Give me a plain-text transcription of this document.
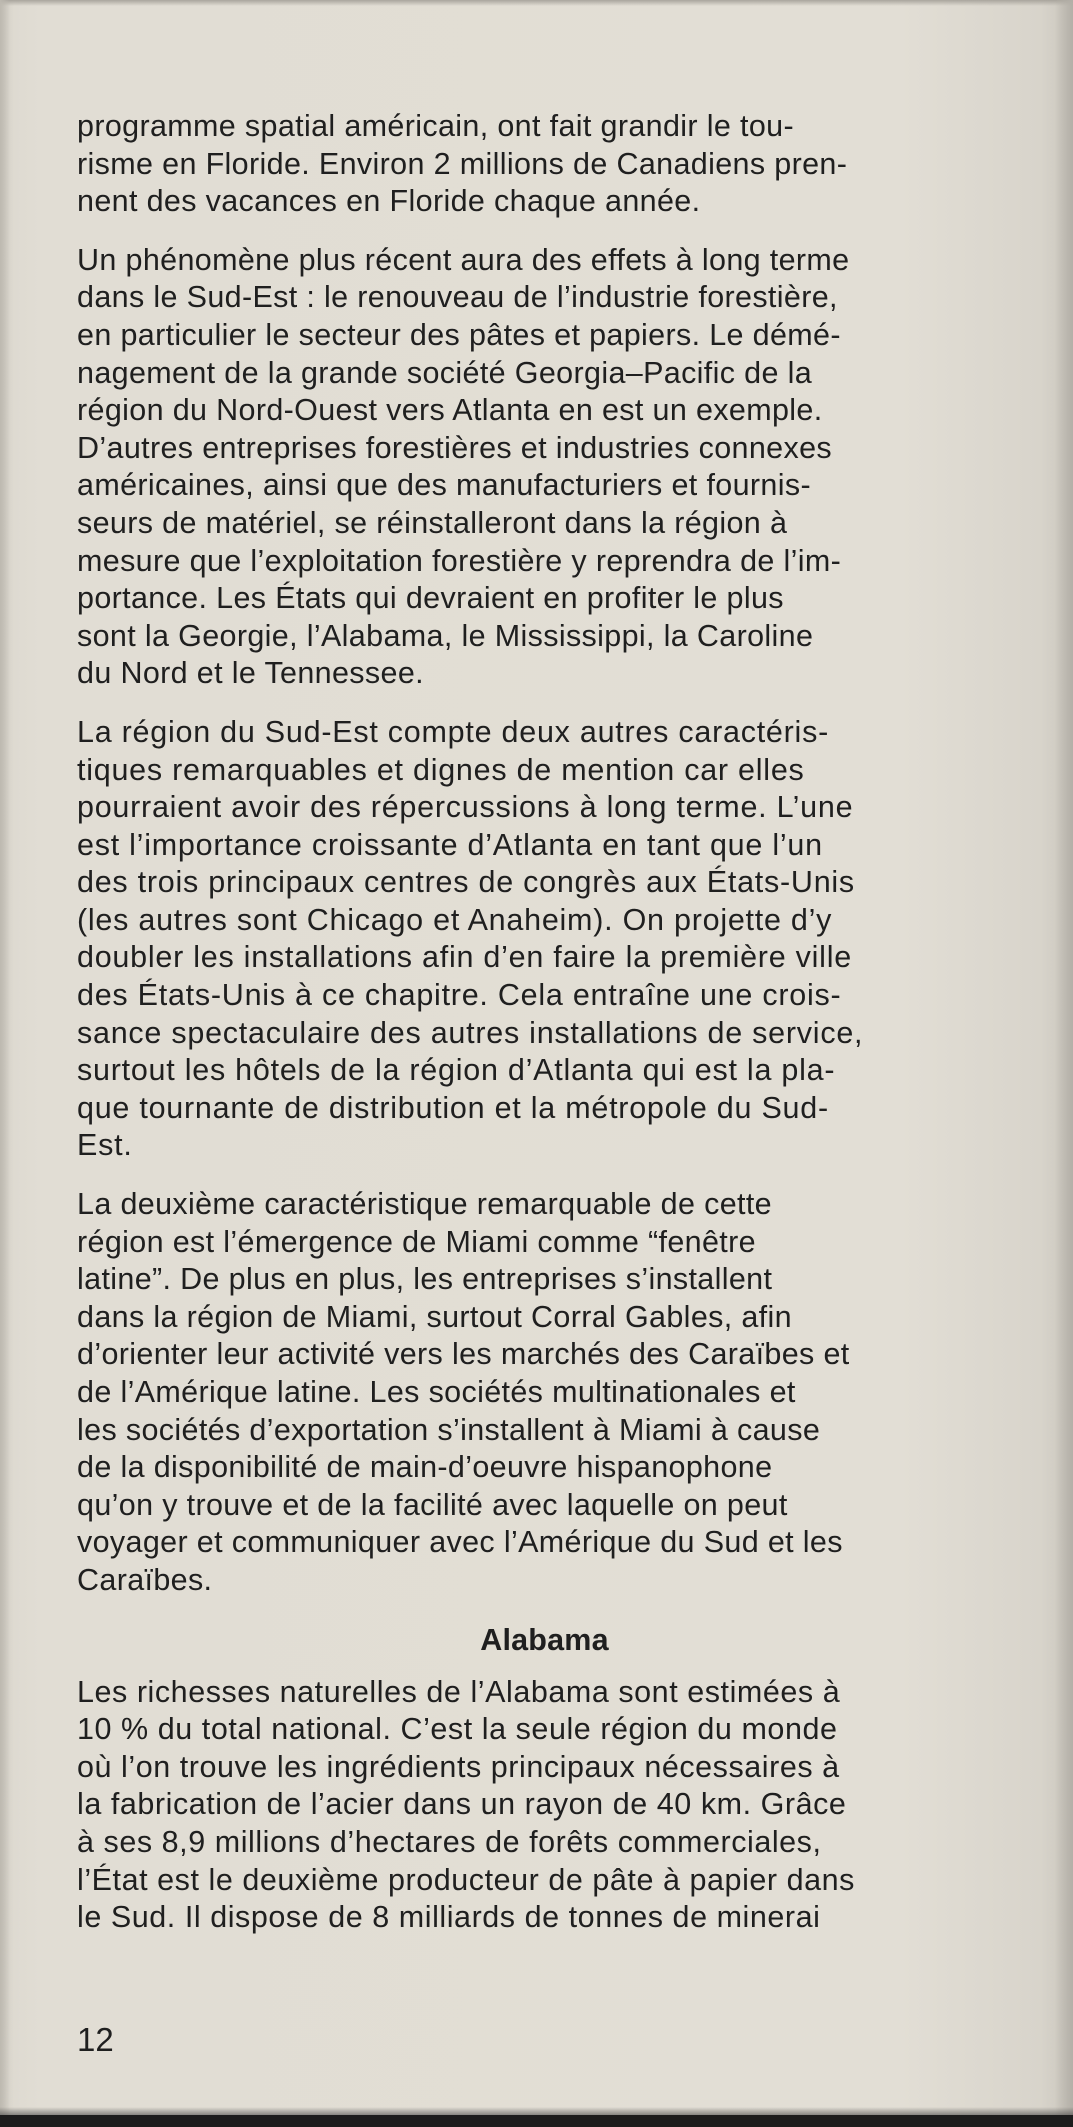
programme spatial américain, ont fait grandir le tou-
risme en Floride. Environ 2 millions de Canadiens pren-
nent des vacances en Floride chaque année.

Un phénomène plus récent aura des effets à long terme
dans le Sud-Est : le renouveau de l’industrie forestière,
en particulier le secteur des pâtes et papiers. Le démé-
nagement de la grande société Georgia–Pacific de la
région du Nord-Ouest vers Atlanta en est un exemple.
D’autres entreprises forestières et industries connexes
américaines, ainsi que des manufacturiers et fournis-
seurs de matériel, se réinstalleront dans la région à
mesure que l’exploitation forestière y reprendra de l’im-
portance. Les États qui devraient en profiter le plus
sont la Georgie, l’Alabama, le Mississippi, la Caroline
du Nord et le Tennessee.

La région du Sud-Est compte deux autres caractéris-
tiques remarquables et dignes de mention car elles
pourraient avoir des répercussions à long terme. L’une
est l’importance croissante d’Atlanta en tant que l’un
des trois principaux centres de congrès aux États-Unis
(les autres sont Chicago et Anaheim). On projette d’y
doubler les installations afin d’en faire la première ville
des États-Unis à ce chapitre. Cela entraîne une crois-
sance spectaculaire des autres installations de service,
surtout les hôtels de la région d’Atlanta qui est la pla-
que tournante de distribution et la métropole du Sud-
Est.

La deuxième caractéristique remarquable de cette
région est l’émergence de Miami comme “fenêtre
latine”. De plus en plus, les entreprises s’installent
dans la région de Miami, surtout Corral Gables, afin
d’orienter leur activité vers les marchés des Caraïbes et
de l’Amérique latine. Les sociétés multinationales et
les sociétés d’exportation s’installent à Miami à cause
de la disponibilité de main-d’oeuvre hispanophone
qu’on y trouve et de la facilité avec laquelle on peut
voyager et communiquer avec l’Amérique du Sud et les
Caraïbes.

Alabama

Les richesses naturelles de l’Alabama sont estimées à
10 % du total national. C’est la seule région du monde
où l’on trouve les ingrédients principaux nécessaires à
la fabrication de l’acier dans un rayon de 40 km. Grâce
à ses 8,9 millions d’hectares de forêts commerciales,
l’État est le deuxième producteur de pâte à papier dans
le Sud. Il dispose de 8 milliards de tonnes de minerai

12
